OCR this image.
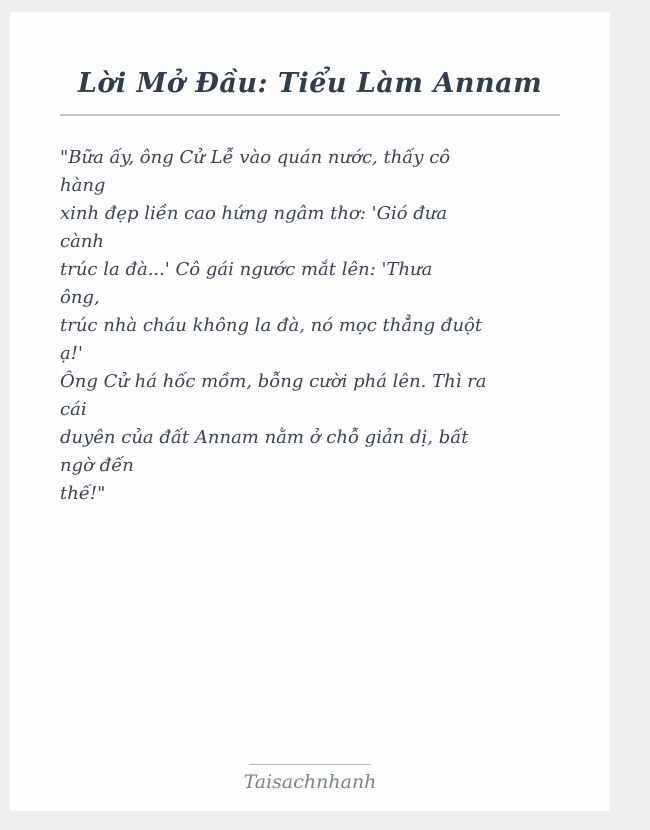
Lời Mở Đầu: Tiểu Làm Annam

"Bữa ấy, ông Cử Lễ vào quán nước, thấy cô

hàng

xinh đẹp liền cao hứng ngâm thơ: 'Gió đưa

cành

trúc la đà...' Cô gái ngước mắt lên: 'Thưa

ông,

trúc nhà cháu không la đà, nó mọc thẳng đuột

ạ!'

Ông Cử há hốc mồm, bỗng cười phá lên. Thì ra

cái

duyên của đất Annam nằm ở chỗ giản dị, bất

ngờ đến

thế!"

Taisachnhanh
